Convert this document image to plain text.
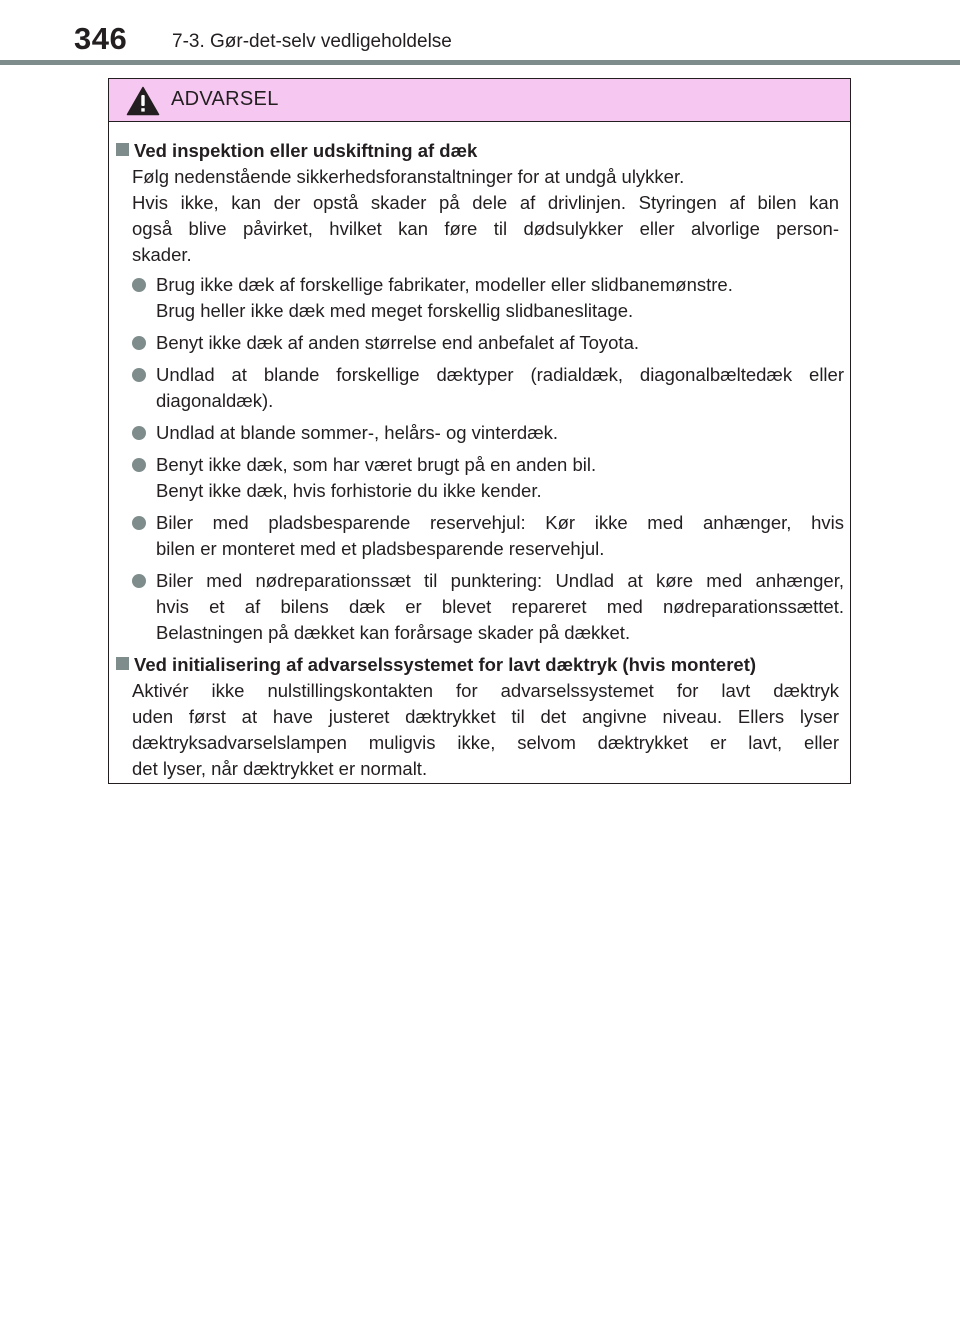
346 7-3. Gør-det-selv vedligeholdelse
ADVARSEL
Ved inspektion eller udskiftning af dæk
Følg nedenstående sikkerhedsforanstaltninger for at undgå ulykker.
Hvis ikke, kan der opstå skader på dele af drivlinjen. Styringen af bilen kan
også blive påvirket, hvilket kan føre til dødsulykker eller alvorlige person-
skader.
Brug ikke dæk af forskellige fabrikater, modeller eller slidbanemønstre.
Brug heller ikke dæk med meget forskellig slidbaneslitage.
Benyt ikke dæk af anden størrelse end anbefalet af Toyota.
Undlad at blande forskellige dæktyper (radialdæk, diagonalbæltedæk eller
diagonaldæk).
Undlad at blande sommer-, helårs- og vinterdæk.
Benyt ikke dæk, som har været brugt på en anden bil.
Benyt ikke dæk, hvis forhistorie du ikke kender.
Biler med pladsbesparende reservehjul: Kør ikke med anhænger, hvis
bilen er monteret med et pladsbesparende reservehjul.
Biler med nødreparationssæt til punktering: Undlad at køre med anhænger,
hvis et af bilens dæk er blevet repareret med nødreparationssættet.
Belastningen på dækket kan forårsage skader på dækket.
Ved initialisering af advarselssystemet for lavt dæktryk (hvis monteret)
Aktivér ikke nulstillingskontakten for advarselssystemet for lavt dæktryk
uden først at have justeret dæktrykket til det angivne niveau. Ellers lyser
dæktryksadvarselslampen muligvis ikke, selvom dæktrykket er lavt, eller
det lyser, når dæktrykket er normalt.
